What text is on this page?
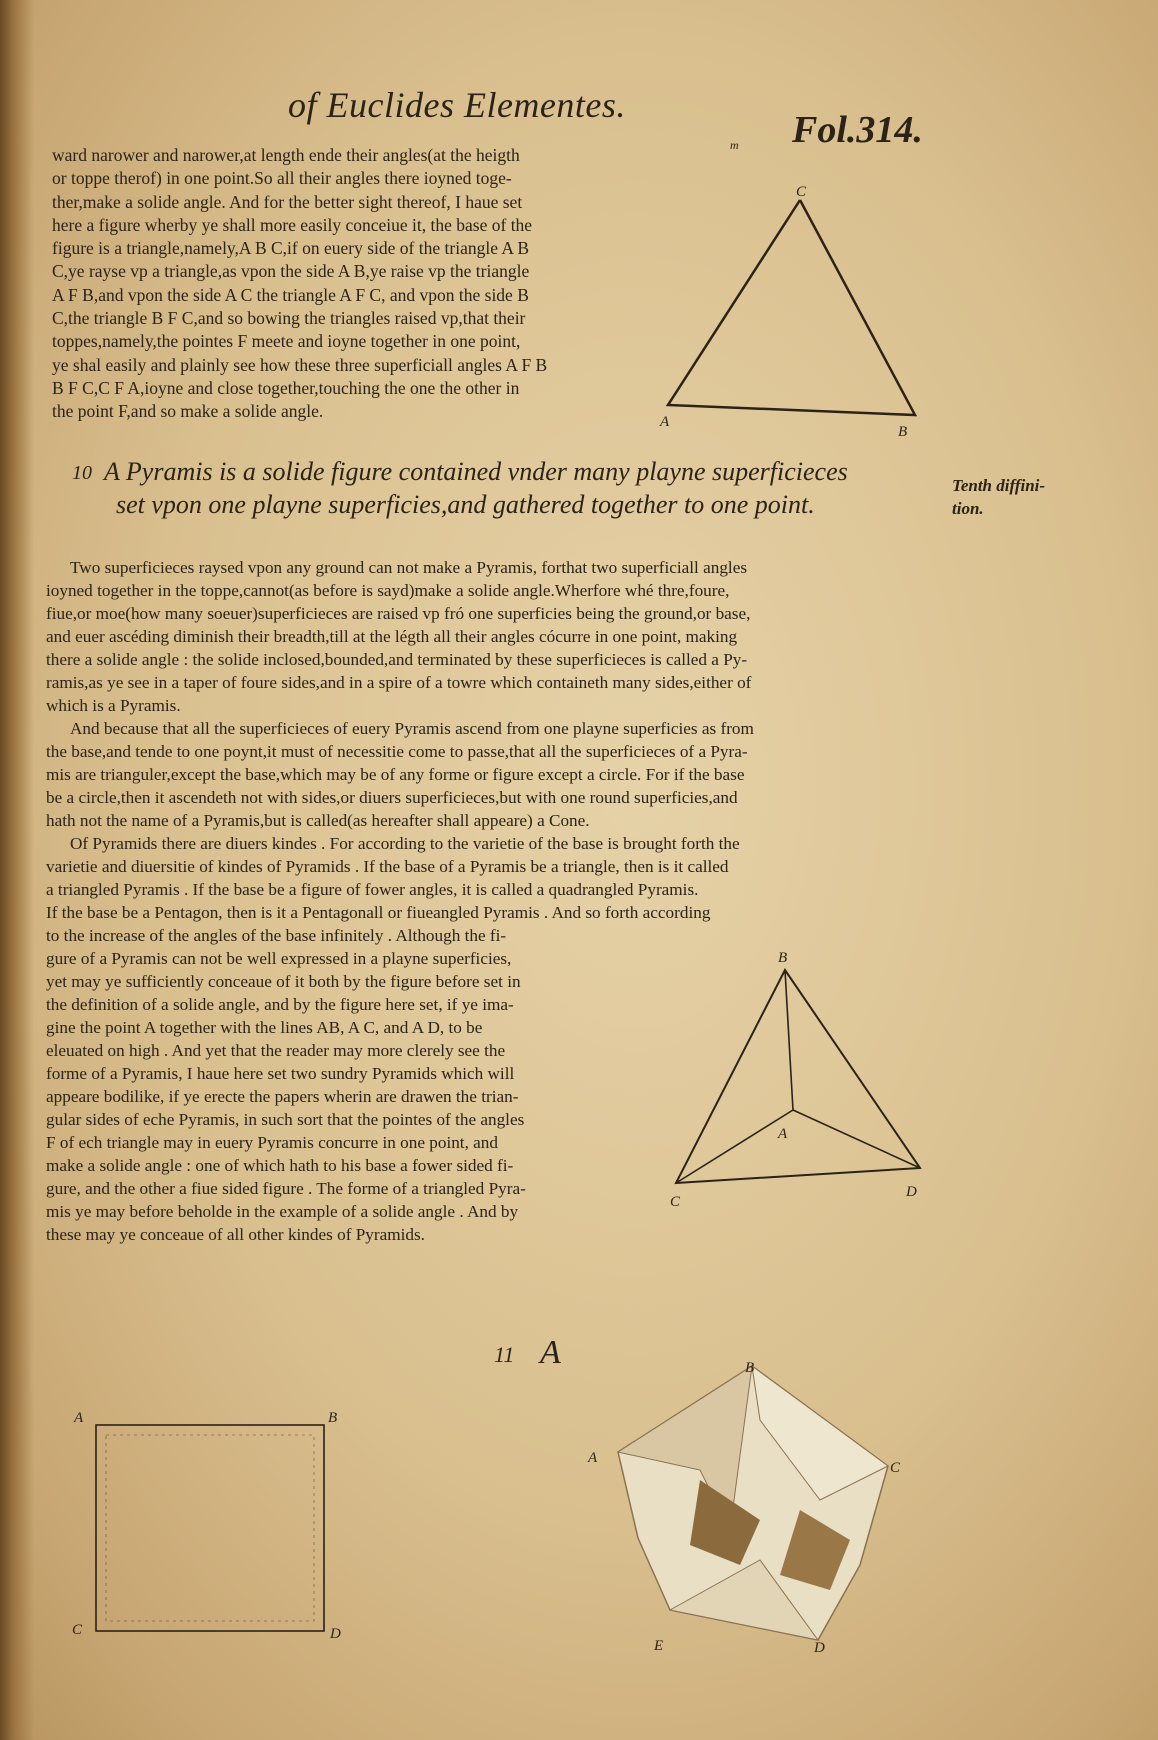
of Euclides Elementes.
Fol.314.
m
ward narower and narower,at length ende their angles(at the heigth
or toppe therof) in one point.So all their angles there ioyned toge-
ther,make a solide angle. And for the better sight thereof, I haue set
here a figure wherby ye shall more easily conceiue it, the base of the
figure is a triangle,namely,A B C,if on euery side of the triangle A B
C,ye rayse vp a triangle,as vpon the side A B,ye raise vp the triangle
A F B,and vpon the side A C the triangle A F C, and vpon the side B
C,the triangle B F C,and so bowing the triangles raised vp,that their
toppes,namely,the pointes F meete and ioyne together in one point,
ye shal easily and plainly see how these three superficiall angles A F B
B F C,C F A,ioyne and close together,touching the one the other in
the point F,and so make a solide angle.
C
A
B
10 A Pyramis is a solide figure contained vnder many playne superficieces
set vpon one playne superficies,and gathered together to one point.
Tenth diffini-
tion.
Two superficieces raysed vpon any ground can not make a Pyramis, forthat two superficiall angles
ioyned together in the toppe,cannot(as before is sayd)make a solide angle.Wherfore whé thre,foure,
fiue,or moe(how many soeuer)superficieces are raised vp fró one superficies being the ground,or base,
and euer ascéding diminish their breadth,till at the légth all their angles cócurre in one point, making
there a solide angle : the solide inclosed,bounded,and terminated by these superficieces is called a Py-
ramis,as ye see in a taper of foure sides,and in a spire of a towre which containeth many sides,either of
which is a Pyramis.
And because that all the superficieces of euery Pyramis ascend from one playne superficies as from
the base,and tende to one poynt,it must of necessitie come to passe,that all the superficieces of a Pyra-
mis are trianguler,except the base,which may be of any forme or figure except a circle. For if the base
be a circle,then it ascendeth not with sides,or diuers superficieces,but with one round superficies,and
hath not the name of a Pyramis,but is called(as hereafter shall appeare) a Cone.
Of Pyramids there are diuers kindes . For according to the varietie of the base is brought forth the
varietie and diuersitie of kindes of Pyramids . If the base of a Pyramis be a triangle, then is it called
a triangled Pyramis . If the base be a figure of fower angles, it is called a quadrangled Pyramis.
If the base be a Pentagon, then is it a Pentagonall or fiueangled Pyramis . And so forth according
to the increase of the angles of the base infinitely . Although the fi-
gure of a Pyramis can not be well expressed in a playne superficies,
yet may ye sufficiently conceaue of it both by the figure before set in
the definition of a solide angle, and by the figure here set, if ye ima-
gine the point A together with the lines AB, A C, and A D, to be
eleuated on high . And yet that the reader may more clerely see the
forme of a Pyramis, I haue here set two sundry Pyramids which will
appeare bodilike, if ye erecte the papers wherin are drawen the trian-
gular sides of eche Pyramis, in such sort that the pointes of the angles
F of ech triangle may in euery Pyramis concurre in one point, and
make a solide angle : one of which hath to his base a fower sided fi-
gure, and the other a fiue sided figure . The forme of a triangled Pyra-
mis ye may before beholde in the example of a solide angle . And by
these may ye conceaue of all other kindes of Pyramids.
B
A
C
D

11 A
A	B
C	D
B
A
C
E	D
